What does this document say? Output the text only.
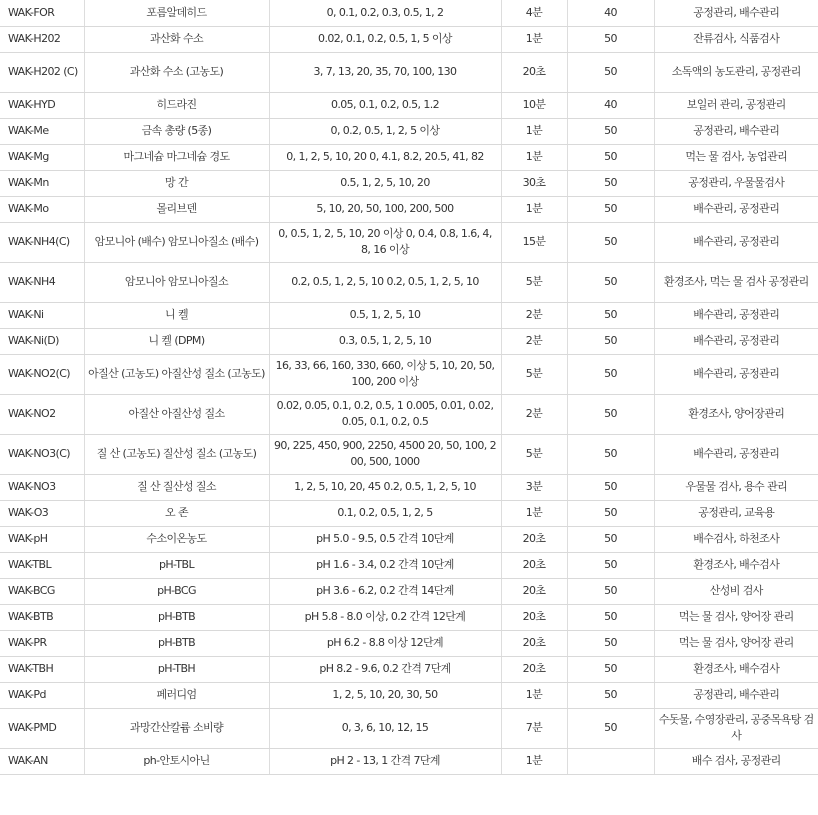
WAK-FOR	포름알데히드	0, 0.1, 0.2, 0.3, 0.5, 1, 2	4분	40	공정관리, 배수관리
WAK-H202	과산화 수소	0.02, 0.1, 0.2, 0.5, 1, 5 이상	1분	50	잔류검사, 식품검사
WAK-H202 (C)	과산화 수소 (고농도)	3, 7, 13, 20, 35, 70, 100, 130	20초	50	소독액의 농도관리, 공정관리
WAK-HYD	히드라진	0.05, 0.1, 0.2, 0.5, 1.2	10분	40	보일러 관리, 공정관리
WAK-Me	금속 총량 (5종)	0, 0.2, 0.5, 1, 2, 5 이상	1분	50	공정관리, 배수관리
WAK-Mg	마그네슘 마그네슘 경도	0, 1, 2, 5, 10, 20 0, 4.1, 8.2, 20.5, 41, 82	1분	50	먹는 물 검사, 농업관리
WAK-Mn	망 간	0.5, 1, 2, 5, 10, 20	30초	50	공정관리, 우물물검사
WAK-Mo	몰리브덴	5, 10, 20, 50, 100, 200, 500	1분	50	배수관리, 공정관리
WAK-NH4(C)	암모니아 (배수) 암모니아질소 (배수)	0, 0.5, 1, 2, 5, 10, 20 이상 0, 0.4, 0.8, 1.6, 4, 8, 16 이상	15분	50	배수관리, 공정관리
WAK-NH4	암모니아 암모니아질소	0.2, 0.5, 1, 2, 5, 10 0.2, 0.5, 1, 2, 5, 10	5분	50	환경조사, 먹는 물 검사 공정관리
WAK-Ni	니 켈	0.5, 1, 2, 5, 10	2분	50	배수관리, 공정관리
WAK-Ni(D)	니 켈 (DPM)	0.3, 0.5, 1, 2, 5, 10	2분	50	배수관리, 공정관리
WAK-NO2(C)	아질산 (고농도) 아질산성 질소 (고농도)	16, 33, 66, 160, 330, 660, 이상 5, 10, 20, 50, 100, 200 이상	5분	50	배수관리, 공정관리
WAK-NO2	아질산 아질산성 질소	0.02, 0.05, 0.1, 0.2, 0.5, 1 0.005, 0.01, 0.02, 0.05, 0.1, 0.2, 0.5	2분	50	환경조사, 양어장관리
WAK-NO3(C)	질 산 (고농도) 질산성 질소 (고농도)	90, 225, 450, 900, 2250, 4500 20, 50, 100, 200, 500, 1000	5분	50	배수관리, 공정관리
WAK-NO3	질 산 질산성 질소	1, 2, 5, 10, 20, 45 0.2, 0.5, 1, 2, 5, 10	3분	50	우물물 검사, 용수 관리
WAK-O3	오 존	0.1, 0.2, 0.5, 1, 2, 5	1분	50	공정관리, 교육용
WAK-pH	수소이온농도	pH 5.0 - 9.5, 0.5 간격 10단계	20초	50	배수검사, 하천조사
WAK-TBL	pH-TBL	pH 1.6 - 3.4, 0.2 간격 10단계	20초	50	환경조사, 배수검사
WAK-BCG	pH-BCG	pH 3.6 - 6.2, 0.2 간격 14단계	20초	50	산성비 검사
WAK-BTB	pH-BTB	pH 5.8 - 8.0 이상, 0.2 간격 12단계	20초	50	먹는 물 검사, 양어장 관리
WAK-PR	pH-BTB	pH 6.2 - 8.8 이상 12단계	20초	50	먹는 물 검사, 양어장 관리
WAK-TBH	pH-TBH	pH 8.2 - 9.6, 0.2 간격 7단계	20초	50	환경조사, 배수검사
WAK-Pd	페러디엄	1, 2, 5, 10, 20, 30, 50	1분	50	공정관리, 배수관리
WAK-PMD	과망간산칼륨 소비량	0, 3, 6, 10, 12, 15	7분	50	수돗물, 수영장관리, 공중목욕탕 검사
WAK-AN	ph-안토시아닌	pH 2 - 13, 1 간격 7단계	1분		배수 검사, 공정관리
